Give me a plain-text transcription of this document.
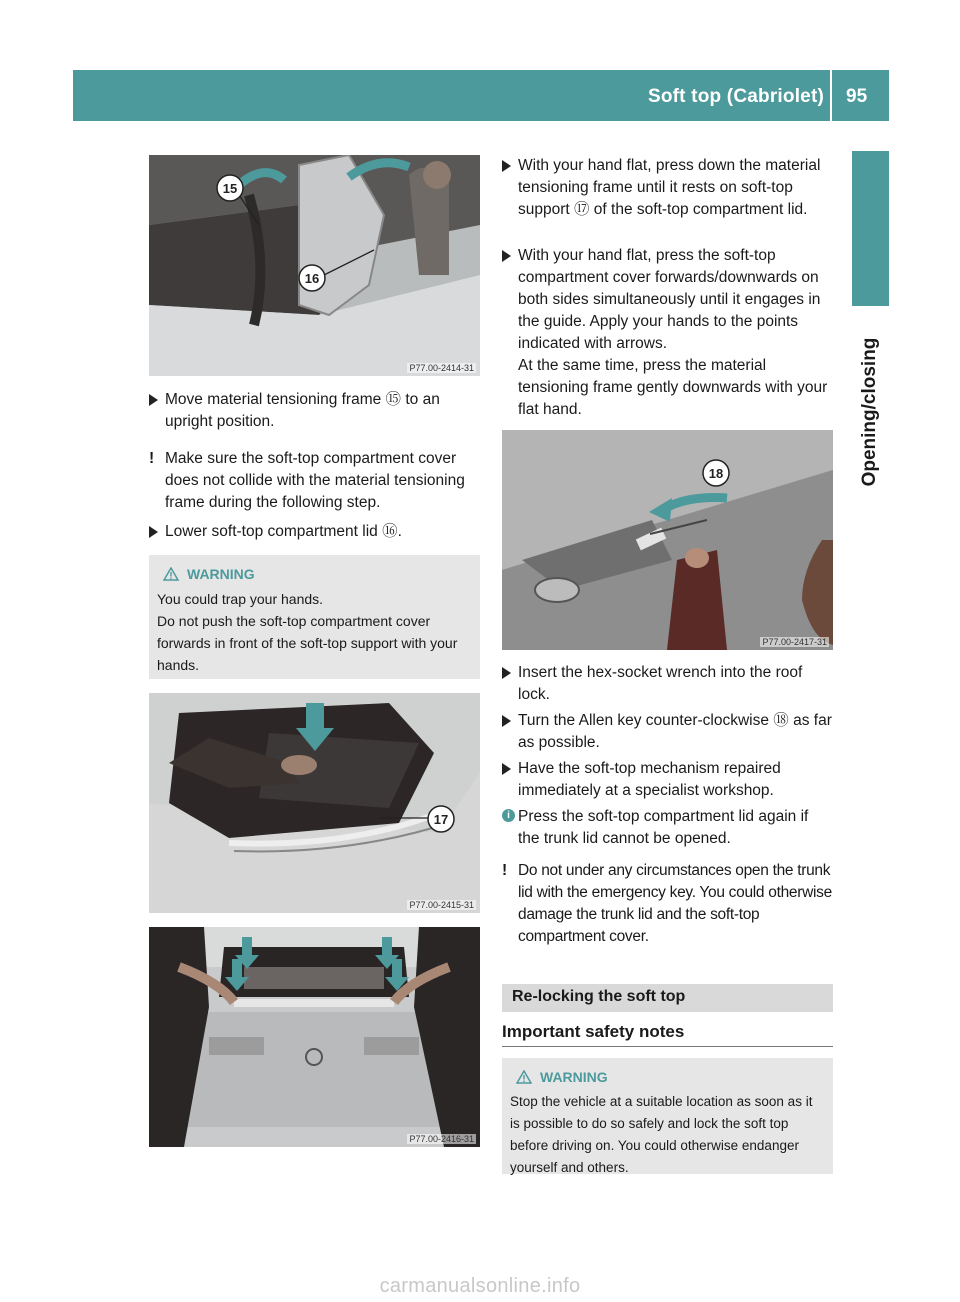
Soft top (Cabriolet) 95
Opening/closing
15
16
P77.00-2414-31
Move material tensioning frame ⑮ to an upright position.
! Make sure the soft-top compartment cover does not collide with the material tensioning frame during the following step.
Lower soft-top compartment lid ⑯.
WARNING
You could trap your hands.
Do not push the soft-top compartment cover forwards in front of the soft-top support with your hands.
17
P77.00-2415-31
P77.00-2416-31
With your hand flat, press down the material tensioning frame until it rests on soft-top support ⑰ of the soft-top compartment lid.
With your hand flat, press the soft-top compartment cover forwards/downwards on both sides simultaneously until it engages in the guide. Apply your hands to the points indicated with arrows.
At the same time, press the material tensioning frame gently downwards with your flat hand.
18
P77.00-2417-31
Insert the hex-socket wrench into the roof lock.
Turn the Allen key counter-clockwise ⑱ as far as possible.
Have the soft-top mechanism repaired immediately at a specialist workshop.
i Press the soft-top compartment lid again if the trunk lid cannot be opened.
! Do not under any circumstances open the trunk lid with the emergency key. You could otherwise damage the trunk lid and the soft-top compartment cover.
Re-locking the soft top
Important safety notes
WARNING
Stop the vehicle at a suitable location as soon as it is possible to do so safely and lock the soft top before driving on. You could otherwise endanger yourself and others.
carmanualsonline.info
